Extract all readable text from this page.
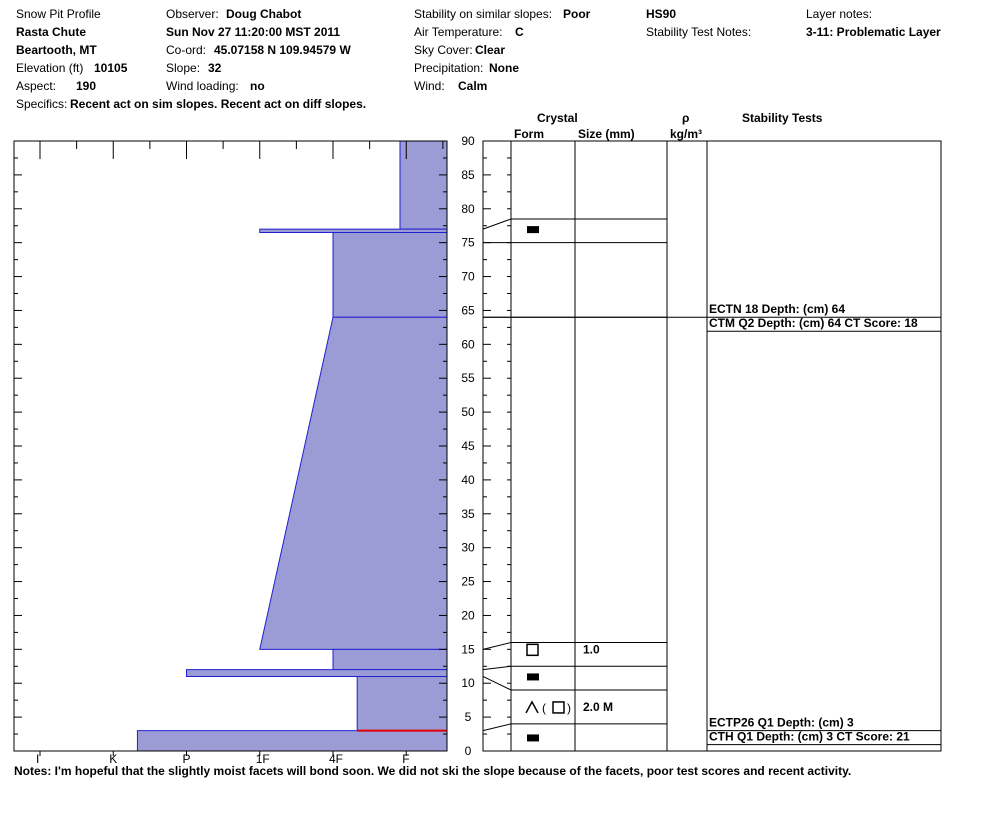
Snow Pit Profile
Rasta Chute
Beartooth, MT
Elevation (ft) 10105
Aspect: 190
Specifics: Recent act on sim slopes. Recent act on diff slopes.
Observer: Doug Chabot
Sun Nov 27 11:20:00 MST 2011
Co-ord: 45.07158 N 109.94579 W
Slope: 32
Wind loading: no
Stability on similar slopes: Poor
Air Temperature: C
Sky Cover: Clear
Precipitation: None
Wind: Calm
HS90
Stability Test Notes:
Layer notes:
3-11: Problematic Layer
Crystal
Form	Size (mm)
ρ
kg/m³
Stability Tests
I	K	P	1F	4F	F
0
5
10
15
20
25
30
35
40
45
50
55
60
65
70
75
80
85
90
1.0
( ) 2.0 M
ECTN 18 Depth: (cm) 64
CTM Q2 Depth: (cm) 64 CT Score: 18
ECTP26 Q1 Depth: (cm) 3
CTH Q1 Depth: (cm) 3 CT Score: 21
Notes: I'm hopeful that the slightly moist facets will bond soon. We did not ski the slope because of the facets, poor test scores and recent activity.
